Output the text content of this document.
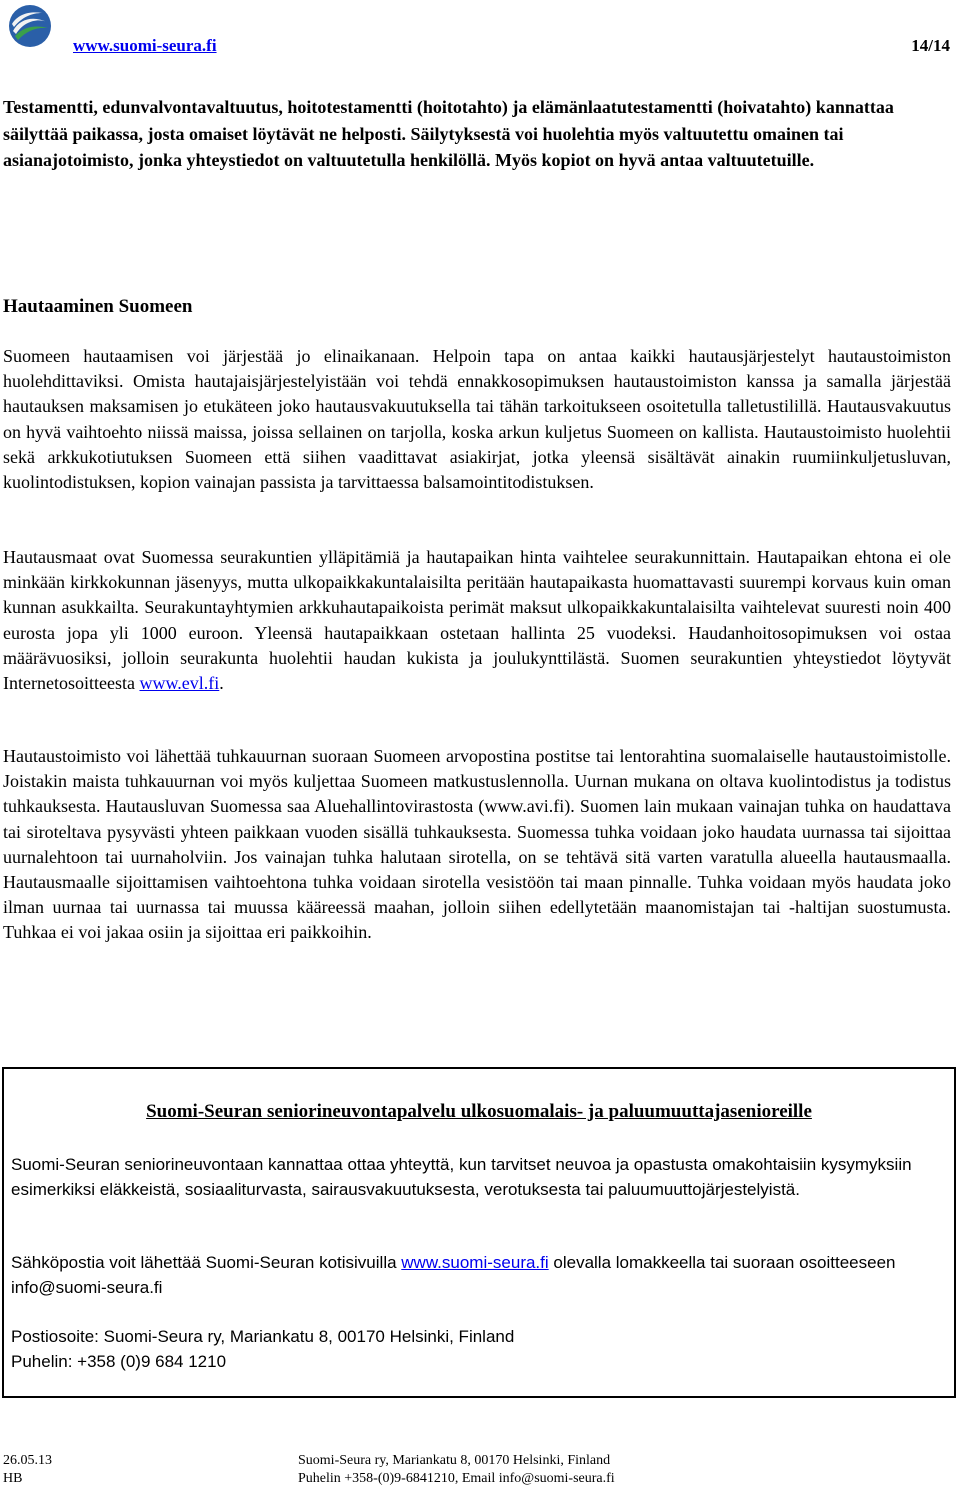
www.suomi-seura.fi	14/14

Testamentti, edunvalvontavaltuutus, hoitotestamentti (hoitotahto) ja elämänlaatutestamentti (hoivatahto) kannattaa säilyttää paikassa, josta omaiset löytävät ne helposti. Säilytyksestä voi huolehtia myös valtuutettu omainen tai asianajotoimisto, jonka yhteystiedot on valtuutetulla henkilöllä. Myös kopiot on hyvä antaa valtuutetuille.

Hautaaminen Suomeen

Suomeen hautaamisen voi järjestää jo elinaikanaan. Helpoin tapa on antaa kaikki hautausjärjestelyt hautaustoimiston huolehdittaviksi. Omista hautajaisjärjestelyistään voi tehdä ennakkosopimuksen hautaustoimiston kanssa ja samalla järjestää hautauksen maksamisen jo etukäteen joko hautausvakuutuksella tai tähän tarkoitukseen osoitetulla talletustilillä. Hautausvakuutus on hyvä vaihtoehto niissä maissa, joissa sellainen on tarjolla, koska arkun kuljetus Suomeen on kallista. Hautaustoimisto huolehtii sekä arkkukotiutuksen Suomeen että siihen vaadittavat asiakirjat, jotka yleensä sisältävät ainakin ruumiinkuljetusluvan, kuolintodistuksen, kopion vainajan passista ja tarvittaessa balsamointitodistuksen.

Hautausmaat ovat Suomessa seurakuntien ylläpitämiä ja hautapaikan hinta vaihtelee seurakunnittain. Hautapaikan ehtona ei ole minkään kirkkokunnan jäsenyys, mutta ulkopaikkakuntalaisilta peritään hautapaikasta huomattavasti suurempi korvaus kuin oman kunnan asukkailta. Seurakuntayhtymien arkkuhautapaikoista perimät maksut ulkopaikkakuntalaisilta vaihtelevat suuresti noin 400 eurosta jopa yli 1000 euroon. Yleensä hautapaikkaan ostetaan hallinta 25 vuodeksi. Haudanhoitosopimuksen voi ostaa määrävuosiksi, jolloin seurakunta huolehtii haudan kukista ja joulukynttilästä. Suomen seurakuntien yhteystiedot löytyvät Internetosoitteesta www.evl.fi.

Hautaustoimisto voi lähettää tuhkauurnan suoraan Suomeen arvopostina postitse tai lentorahtina suomalaiselle hautaustoimistolle. Joistakin maista tuhkauurnan voi myös kuljettaa Suomeen matkustuslennolla. Uurnan mukana on oltava kuolintodistus ja todistus tuhkauksesta. Hautausluvan Suomessa saa Aluehallintovirastosta (www.avi.fi). Suomen lain mukaan vainajan tuhka on haudattava tai siroteltava pysyvästi yhteen paikkaan vuoden sisällä tuhkauksesta. Suomessa tuhka voidaan joko haudata uurnassa tai sijoittaa uurnalehtoon tai uurnaholviin. Jos vainajan tuhka halutaan sirotella, on se tehtävä sitä varten varatulla alueella hautausmaalla. Hautausmaalle sijoittamisen vaihtoehtona tuhka voidaan sirotella vesistöön tai maan pinnalle. Tuhka voidaan myös haudata joko ilman uurnaa tai uurnassa tai muussa kääreessä maahan, jolloin siihen edellytetään maanomistajan tai -haltijan suostumusta. Tuhkaa ei voi jakaa osiin ja sijoittaa eri paikkoihin.

Suomi-Seuran seniorineuvontapalvelu ulkosuomalais- ja paluumuuttajasenioreille

Suomi-Seuran seniorineuvontaan kannattaa ottaa yhteyttä, kun tarvitset neuvoa ja opastusta omakohtaisiin kysymyksiin esimerkiksi eläkkeistä, sosiaaliturvasta, sairausvakuutuksesta, verotuksesta tai paluumuuttojärjestelyistä.

Sähköpostia voit lähettää Suomi-Seuran kotisivuilla www.suomi-seura.fi olevalla lomakkeella tai suoraan osoitteeseen info@suomi-seura.fi

Postiosoite: Suomi-Seura ry, Mariankatu 8, 00170 Helsinki, Finland
Puhelin: +358 (0)9 684 1210

26.05.13
HB
Suomi-Seura ry, Mariankatu 8, 00170 Helsinki, Finland
Puhelin +358-(0)9-6841210, Email info@suomi-seura.fi
